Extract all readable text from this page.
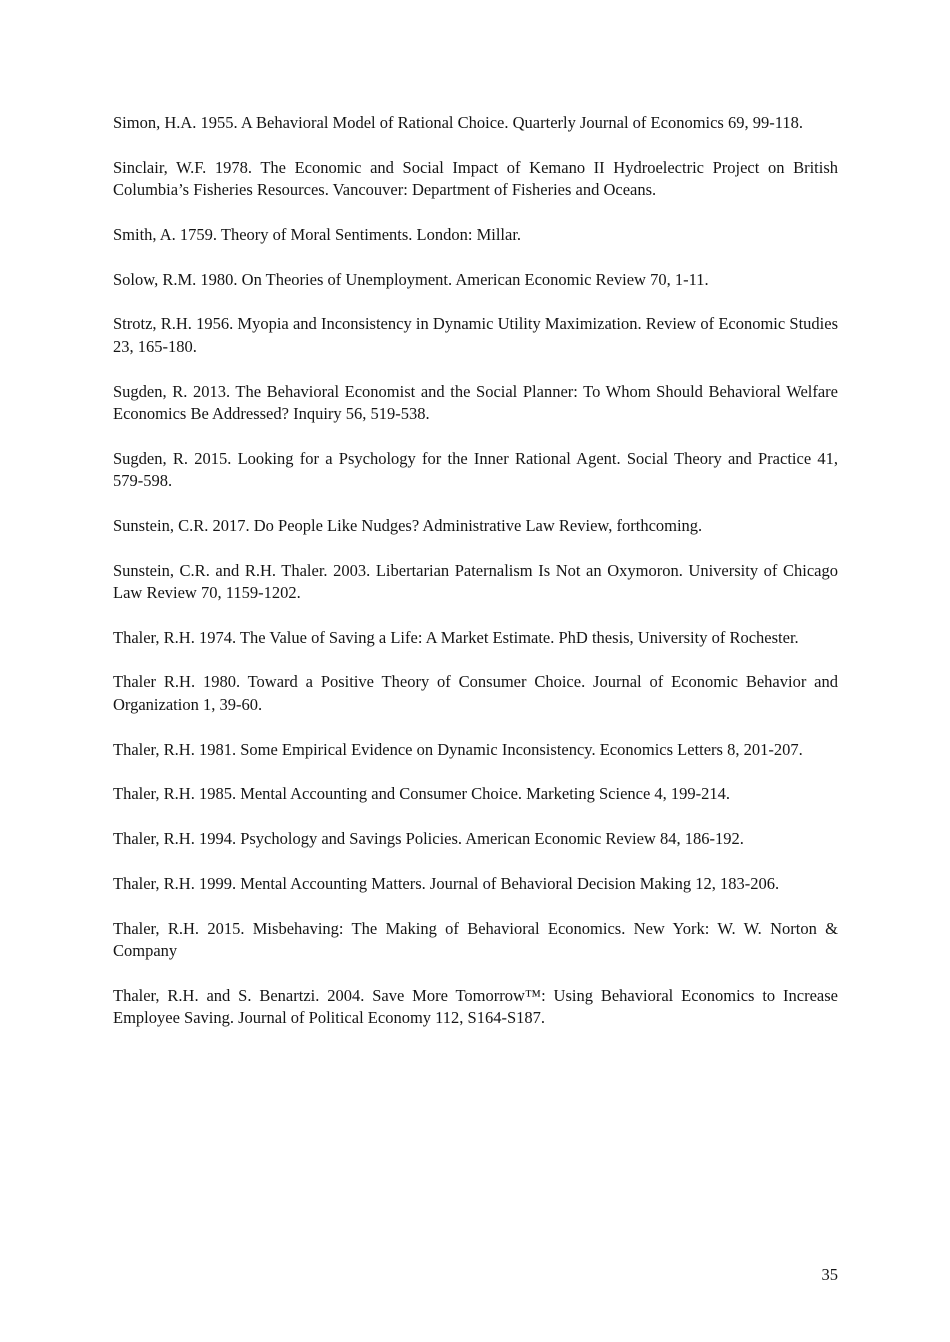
Simon, H.A. 1955. A Behavioral Model of Rational Choice. Quarterly Journal of Economics 69, 99-118.

Sinclair, W.F. 1978. The Economic and Social Impact of Kemano II Hydroelectric Project on British Columbia’s Fisheries Resources. Vancouver: Department of Fisheries and Oceans.

Smith, A. 1759. Theory of Moral Sentiments. London: Millar.

Solow, R.M. 1980. On Theories of Unemployment. American Economic Review 70, 1-11.

Strotz, R.H. 1956. Myopia and Inconsistency in Dynamic Utility Maximization. Review of Economic Studies 23, 165-180.

Sugden, R. 2013. The Behavioral Economist and the Social Planner: To Whom Should Behavioral Welfare Economics Be Addressed? Inquiry 56, 519-538.

Sugden, R. 2015. Looking for a Psychology for the Inner Rational Agent. Social Theory and Practice 41, 579-598.

Sunstein, C.R. 2017. Do People Like Nudges? Administrative Law Review, forthcoming.

Sunstein, C.R. and R.H. Thaler. 2003. Libertarian Paternalism Is Not an Oxymoron. University of Chicago Law Review 70, 1159-1202.

Thaler, R.H. 1974. The Value of Saving a Life: A Market Estimate. PhD thesis, University of Rochester.

Thaler R.H. 1980. Toward a Positive Theory of Consumer Choice. Journal of Economic Behavior and Organization 1, 39-60.

Thaler, R.H. 1981. Some Empirical Evidence on Dynamic Inconsistency. Economics Letters 8, 201-207.

Thaler, R.H. 1985. Mental Accounting and Consumer Choice. Marketing Science 4, 199-214.

Thaler, R.H. 1994. Psychology and Savings Policies. American Economic Review 84, 186-192.

Thaler, R.H. 1999. Mental Accounting Matters. Journal of Behavioral Decision Making 12, 183-206.

Thaler, R.H. 2015. Misbehaving: The Making of Behavioral Economics. New York: W. W. Norton & Company

Thaler, R.H. and S. Benartzi. 2004. Save More Tomorrow™: Using Behavioral Economics to Increase Employee Saving. Journal of Political Economy 112, S164-S187.

35
